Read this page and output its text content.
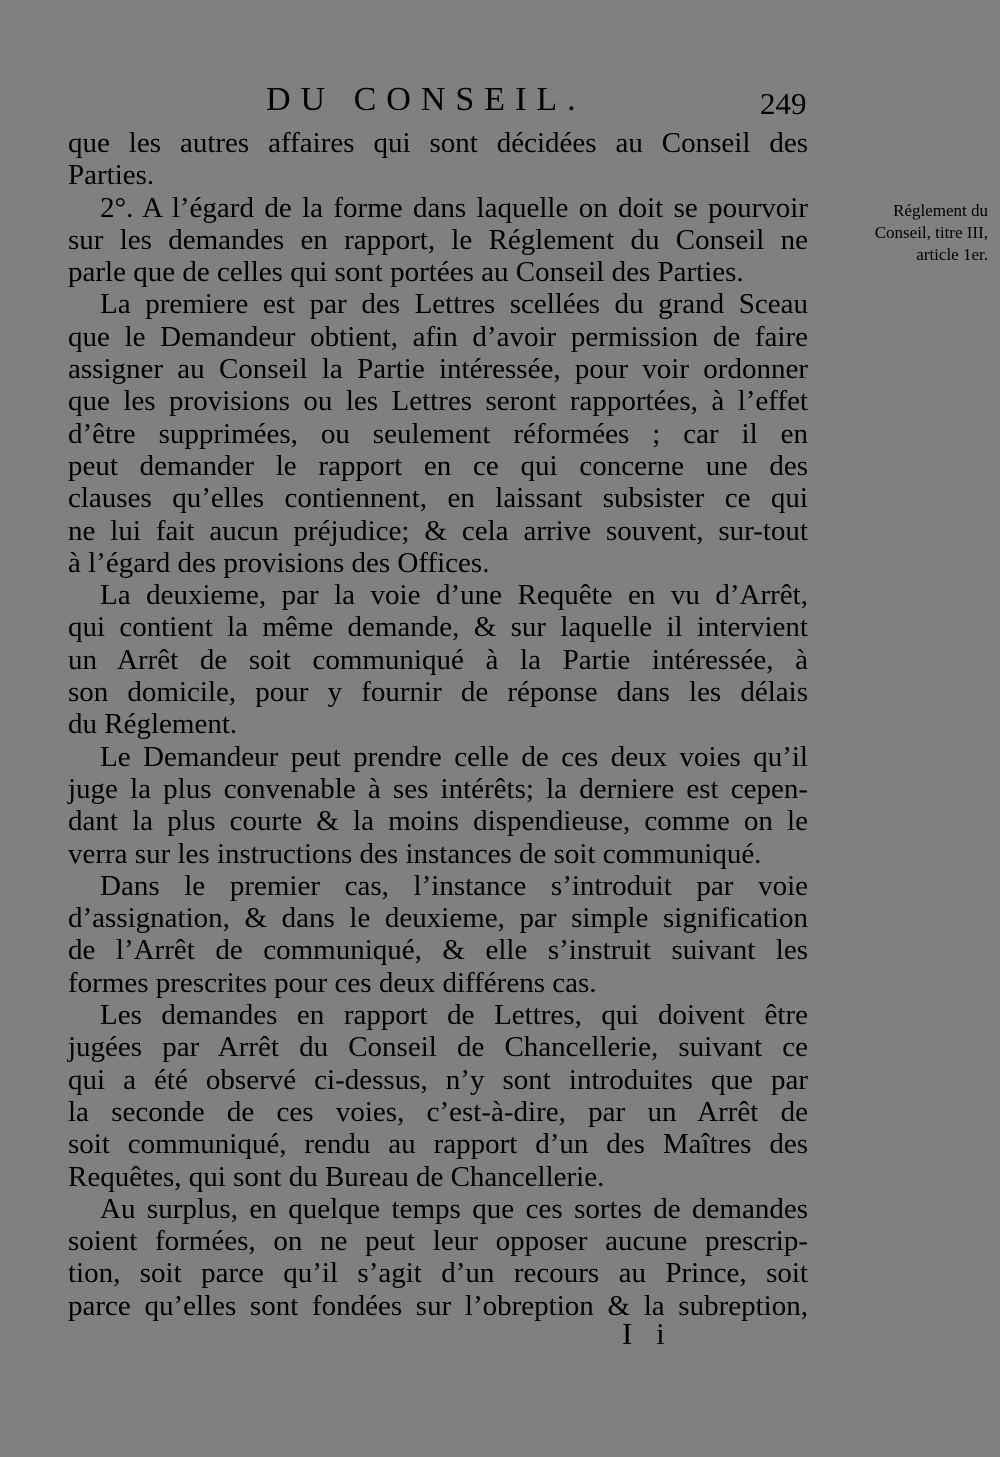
DU CONSEIL.	249
que les autres affaires qui sont décidées au Conseil des
Parties.
2°. A l’égard de la forme dans laquelle on doit se pourvoir
sur les demandes en rapport, le Réglement du Conseil ne
parle que de celles qui sont portées au Conseil des Parties.
La premiere est par des Lettres scellées du grand Sceau
que le Demandeur obtient, afin d’avoir permission de faire
assigner au Conseil la Partie intéressée, pour voir ordonner
que les provisions ou les Lettres seront rapportées, à l’effet
d’être supprimées, ou seulement réformées ; car il en
peut demander le rapport en ce qui concerne une des
clauses qu’elles contiennent, en laissant subsister ce qui
ne lui fait aucun préjudice; & cela arrive souvent, sur-tout
à l’égard des provisions des Offices.
La deuxieme, par la voie d’une Requête en vu d’Arrêt,
qui contient la même demande, & sur laquelle il intervient
un Arrêt de soit communiqué à la Partie intéressée, à
son domicile, pour y fournir de réponse dans les délais
du Réglement.
Le Demandeur peut prendre celle de ces deux voies qu’il
juge la plus convenable à ses intérêts; la derniere est cepen-
dant la plus courte & la moins dispendieuse, comme on le
verra sur les instructions des instances de soit communiqué.
Dans le premier cas, l’instance s’introduit par voie
d’assignation, & dans le deuxieme, par simple signification
de l’Arrêt de communiqué, & elle s’instruit suivant les
formes prescrites pour ces deux différens cas.
Les demandes en rapport de Lettres, qui doivent être
jugées par Arrêt du Conseil de Chancellerie, suivant ce
qui a été observé ci-dessus, n’y sont introduites que par
la seconde de ces voies, c’est-à-dire, par un Arrêt de
soit communiqué, rendu au rapport d’un des Maîtres des
Requêtes, qui sont du Bureau de Chancellerie.
Au surplus, en quelque temps que ces sortes de demandes
soient formées, on ne peut leur opposer aucune prescrip-
tion, soit parce qu’il s’agit d’un recours au Prince, soit
parce qu’elles sont fondées sur l’obreption & la subreption,
Réglement du
Conseil, titre III,
article 1er.
I i
